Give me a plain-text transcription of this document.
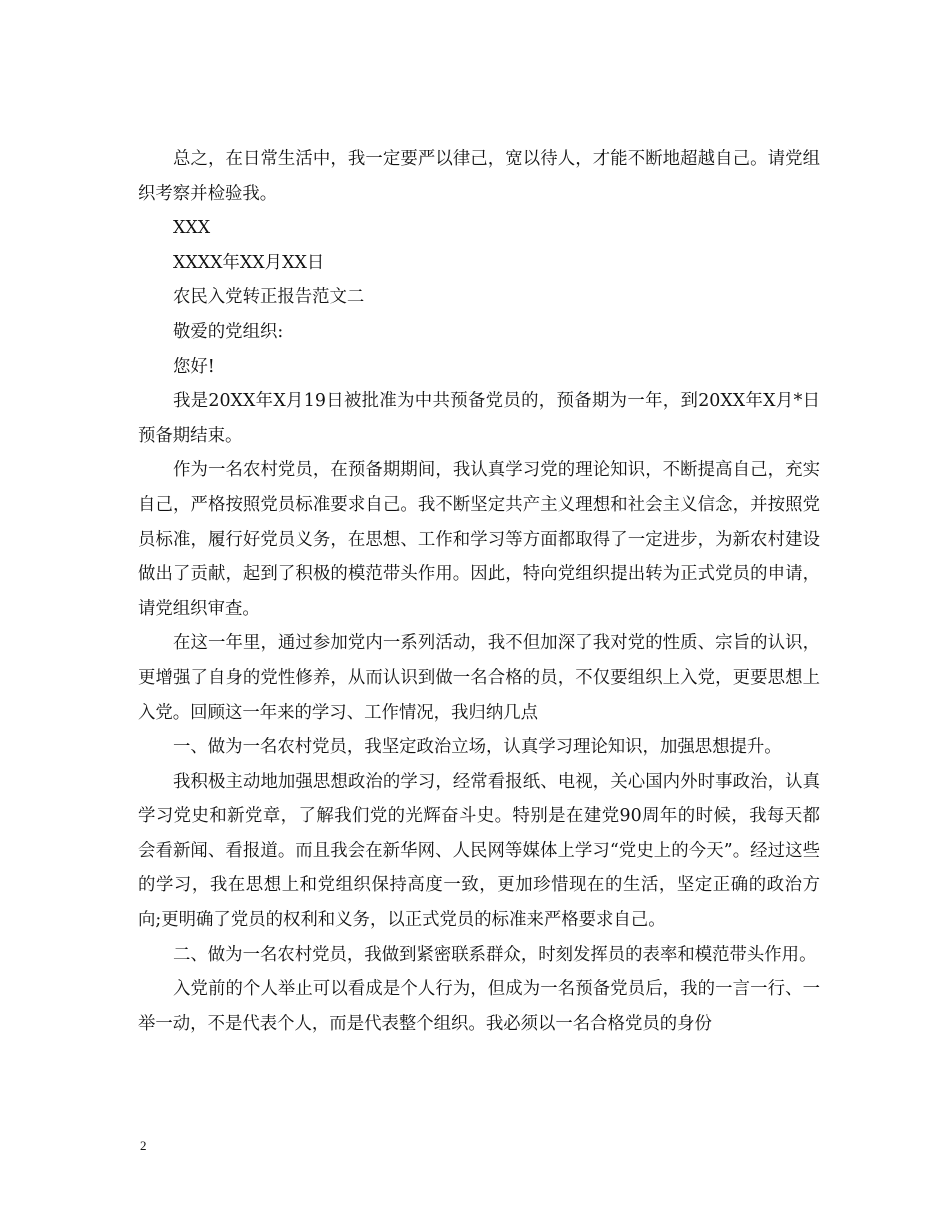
总之，在日常生活中，我一定要严以律己，宽以待人，才能不断地超越自己。请党组织考察并检验我。

XXX

XXXX年XX月XX日

农民入党转正报告范文二

敬爱的党组织:

您好!

我是20XX年X月19日被批准为中共预备党员的，预备期为一年，到20XX年X月*日预备期结束。

作为一名农村党员，在预备期期间，我认真学习党的理论知识，不断提高自己，充实自己，严格按照党员标准要求自己。我不断坚定共产主义理想和社会主义信念，并按照党员标准，履行好党员义务，在思想、工作和学习等方面都取得了一定进步，为新农村建设做出了贡献，起到了积极的模范带头作用。因此，特向党组织提出转为正式党员的申请，请党组织审查。

在这一年里，通过参加党内一系列活动，我不但加深了我对党的性质、宗旨的认识，更增强了自身的党性修养，从而认识到做一名合格的员，不仅要组织上入党，更要思想上入党。回顾这一年来的学习、工作情况，我归纳几点

一、做为一名农村党员，我坚定政治立场，认真学习理论知识，加强思想提升。

我积极主动地加强思想政治的学习，经常看报纸、电视，关心国内外时事政治，认真学习党史和新党章，了解我们党的光辉奋斗史。特别是在建党90周年的时候，我每天都会看新闻、看报道。而且我会在新华网、人民网等媒体上学习“党史上的今天”。经过这些的学习，我在思想上和党组织保持高度一致，更加珍惜现在的生活，坚定正确的政治方向;更明确了党员的权利和义务，以正式党员的标准来严格要求自己。

二、做为一名农村党员，我做到紧密联系群众，时刻发挥员的表率和模范带头作用。

入党前的个人举止可以看成是个人行为，但成为一名预备党员后，我的一言一行、一举一动，不是代表个人，而是代表整个组织。我必须以一名合格党员的身份

2
